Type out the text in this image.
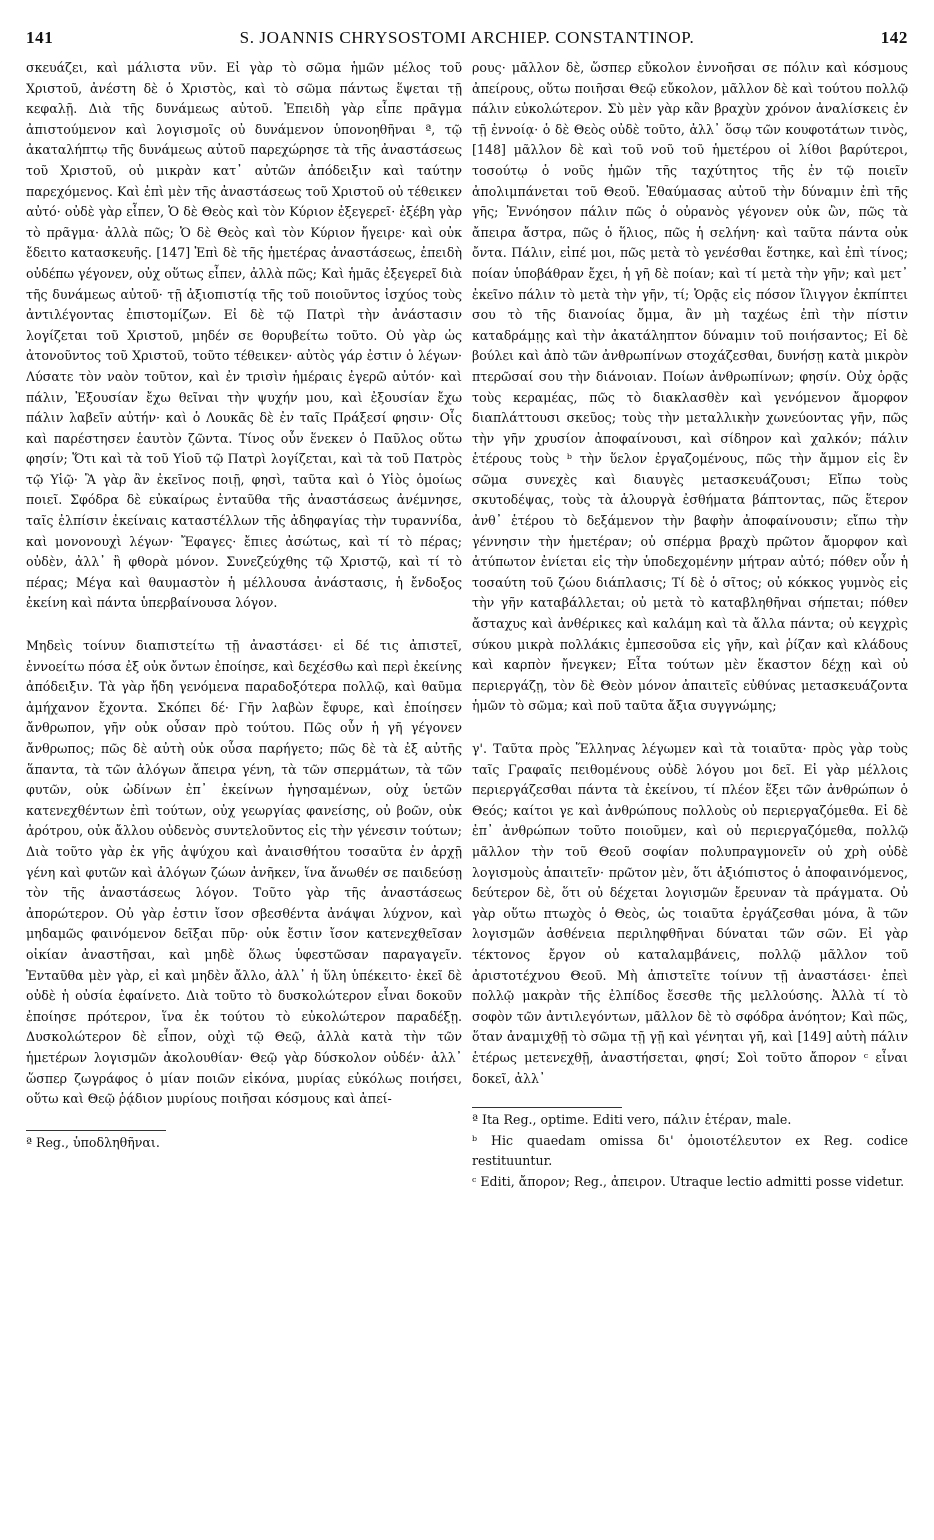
141	S. JOANNIS CHRYSOSTOMI ARCHIEP. CONSTANTINOP.	142

σκευάζει, καὶ μάλιστα νῦν. Εἰ γὰρ τὸ σῶμα ἡμῶν μέλος τοῦ Χριστοῦ, ἀνέστη δὲ ὁ Χριστὸς, καὶ τὸ σῶμα πάντως ἕψεται τῇ κεφαλῇ. Διὰ τῆς δυνάμεως αὐτοῦ. Ἐπειδὴ γὰρ εἶπε πρᾶγμα ἀπιστούμενον καὶ λογισμοῖς οὐ δυνάμενον ὑπονοηθῆναι ª, τῷ ἀκαταλήπτῳ τῆς δυνάμεως αὐτοῦ παρεχώρησε τὰ τῆς ἀναστάσεως τοῦ Χριστοῦ, οὐ μικρὰν κατ᾽ αὐτῶν ἀπόδειξιν καὶ ταύτην παρεχόμενος. Καὶ ἐπὶ μὲν τῆς ἀναστάσεως τοῦ Χριστοῦ οὐ τέθεικεν αὐτό· οὐδὲ γὰρ εἶπεν, Ὁ δὲ Θεὸς καὶ τὸν Κύριον ἐξεγερεῖ· ἐξέβη γὰρ τὸ πρᾶγμα· ἀλλὰ πῶς; Ὁ δὲ Θεὸς καὶ τὸν Κύριον ἤγειρε· καὶ οὐκ ἔδειτο κατασκευῆς. [147] Ἐπὶ δὲ τῆς ἡμετέρας ἀναστάσεως, ἐπειδὴ οὐδέπω γέγονεν, οὐχ οὕτως εἶπεν, ἀλλὰ πῶς; Καὶ ἡμᾶς ἐξεγερεῖ διὰ τῆς δυνάμεως αὐτοῦ· τῇ ἀξιοπιστίᾳ τῆς τοῦ ποιοῦντος ἰσχύος τοὺς ἀντιλέγοντας ἐπιστομίζων. Εἰ δὲ τῷ Πατρὶ τὴν ἀνάστασιν λογίζεται τοῦ Χριστοῦ, μηδέν σε θορυβείτω τοῦτο. Οὐ γὰρ ὡς ἀτονοῦντος τοῦ Χριστοῦ, τοῦτο τέθεικεν· αὐτὸς γάρ ἐστιν ὁ λέγων· Λύσατε τὸν ναὸν τοῦτον, καὶ ἐν τρισὶν ἡμέραις ἐγερῶ αὐτόν· καὶ πάλιν, Ἐξουσίαν ἔχω θεῖναι τὴν ψυχήν μου, καὶ ἐξουσίαν ἔχω πάλιν λαβεῖν αὐτήν· καὶ ὁ Λουκᾶς δὲ ἐν ταῖς Πράξεσί φησιν· Οἷς καὶ παρέστησεν ἑαυτὸν ζῶντα. Τίνος οὖν ἕνεκεν ὁ Παῦλος οὕτω φησίν; Ὅτι καὶ τὰ τοῦ Υἱοῦ τῷ Πατρὶ λογίζεται, καὶ τὰ τοῦ Πατρὸς τῷ Υἱῷ· Ἃ γὰρ ἂν ἐκεῖνος ποιῇ, φησὶ, ταῦτα καὶ ὁ Υἱὸς ὁμοίως ποιεῖ. Σφόδρα δὲ εὐκαίρως ἐνταῦθα τῆς ἀναστάσεως ἀνέμνησε, ταῖς ἐλπίσιν ἐκείναις καταστέλλων τῆς ἀδηφαγίας τὴν τυραννίδα, καὶ μονονουχὶ λέγων· Ἔφαγες· ἔπιες ἀσώτως, καὶ τί τὸ πέρας; οὐδὲν, ἀλλ᾽ ἢ φθορὰ μόνον. Συνεζεύχθης τῷ Χριστῷ, καὶ τί τὸ πέρας; Μέγα καὶ θαυμαστὸν ἡ μέλλουσα ἀνάστασις, ἡ ἔνδοξος ἐκείνη καὶ πάντα ὑπερβαίνουσα λόγον.

Μηδεὶς τοίνυν διαπιστείτω τῇ ἀναστάσει· εἰ δέ τις ἀπιστεῖ, ἐννοείτω πόσα ἐξ οὐκ ὄντων ἐποίησε, καὶ δεχέσθω καὶ περὶ ἐκείνης ἀπόδειξιν. Τὰ γὰρ ἤδη γενόμενα παραδοξότερα πολλῷ, καὶ θαῦμα ἀμήχανον ἔχοντα. Σκόπει δέ· Γῆν λαβὼν ἔφυρε, καὶ ἐποίησεν ἄνθρωπον, γῆν οὐκ οὖσαν πρὸ τούτου. Πῶς οὖν ἡ γῆ γέγονεν ἄνθρωπος; πῶς δὲ αὐτὴ οὐκ οὖσα παρήγετο; πῶς δὲ τὰ ἐξ αὐτῆς ἅπαντα, τὰ τῶν ἀλόγων ἄπειρα γένη, τὰ τῶν σπερμάτων, τὰ τῶν φυτῶν, οὐκ ὠδίνων ἐπ᾽ ἐκείνων ἡγησαμένων, οὐχ ὑετῶν κατενεχθέντων ἐπὶ τούτων, οὐχ γεωργίας φανείσης, οὐ βοῶν, οὐκ ἀρότρου, οὐκ ἄλλου οὐδενὸς συντελοῦντος εἰς τὴν γένεσιν τούτων; Διὰ τοῦτο γὰρ ἐκ γῆς ἀψύχου καὶ ἀναισθήτου τοσαῦτα ἐν ἀρχῇ γένη καὶ φυτῶν καὶ ἀλόγων ζώων ἀνῆκεν, ἵνα ἄνωθέν σε παιδεύσῃ τὸν τῆς ἀναστάσεως λόγον. Τοῦτο γὰρ τῆς ἀναστάσεως ἀπορώτερον. Οὐ γὰρ ἐστιν ἴσον σβεσθέντα ἀνάψαι λύχνον, καὶ μηδαμῶς φαινόμενον δεῖξαι πῦρ· οὐκ ἔστιν ἴσον κατενεχθεῖσαν οἰκίαν ἀναστῆσαι, καὶ μηδὲ ὅλως ὑφεστῶσαν παραγαγεῖν. Ἐνταῦθα μὲν γὰρ, εἰ καὶ μηδὲν ἄλλο, ἀλλ᾽ ἡ ὕλη ὑπέκειτο· ἐκεῖ δὲ οὐδὲ ἡ οὐσία ἐφαίνετο. Διὰ τοῦτο τὸ δυσκολώτερον εἶναι δοκοῦν ἐποίησε πρότερον, ἵνα ἐκ τούτου τὸ εὐκολώτερον παραδέξῃ. Δυσκολώτερον δὲ εἶπον, οὐχὶ τῷ Θεῷ, ἀλλὰ κατὰ τὴν τῶν ἡμετέρων λογισμῶν ἀκολουθίαν· Θεῷ γὰρ δύσκολον οὐδέν· ἀλλ᾽ ὥσπερ ζωγράφος ὁ μίαν ποιῶν εἰκόνα, μυρίας εὐκόλως ποιήσει, οὕτω καὶ Θεῷ ῥᾴδιον μυρίους ποιῆσαι κόσμους καὶ ἀπεί-

ª Reg., ὑποδληθῆναι.

ρους· μᾶλλον δὲ, ὥσπερ εὔκολον ἐννοῆσαι σε πόλιν καὶ κόσμους ἀπείρους, οὕτω ποιῆσαι Θεῷ εὔκολον, μᾶλλον δὲ καὶ τούτου πολλῷ πάλιν εὐκολώτερον. Σὺ μὲν γὰρ κἂν βραχὺν χρόνον ἀναλίσκεις ἐν τῇ ἐννοίᾳ· ὁ δὲ Θεὸς οὐδὲ τοῦτο, ἀλλ᾽ ὅσῳ τῶν κουφοτάτων τινὸς, [148] μᾶλλον δὲ καὶ τοῦ νοῦ τοῦ ἡμετέρου οἱ λίθοι βαρύτεροι, τοσούτῳ ὁ νοῦς ἡμῶν τῆς ταχύτητος τῆς ἐν τῷ ποιεῖν ἀπολιμπάνεται τοῦ Θεοῦ. Ἐθαύμασας αὐτοῦ τὴν δύναμιν ἐπὶ τῆς γῆς; Ἐννόησον πάλιν πῶς ὁ οὐρανὸς γέγονεν οὐκ ὢν, πῶς τὰ ἄπειρα ἄστρα, πῶς ὁ ἥλιος, πῶς ἡ σελήνη· καὶ ταῦτα πάντα οὐκ ὄντα. Πάλιν, εἰπέ μοι, πῶς μετὰ τὸ γενέσθαι ἕστηκε, καὶ ἐπὶ τίνος; ποίαν ὑποβάθραν ἔχει, ἡ γῆ δὲ ποίαν; καὶ τί μετὰ τὴν γῆν; καὶ μετ᾽ ἐκεῖνο πάλιν τὸ μετὰ τὴν γῆν, τί; Ὁρᾷς εἰς πόσον ἴλιγγον ἐκπίπτει σου τὸ τῆς διανοίας ὄμμα, ἂν μὴ ταχέως ἐπὶ τὴν πίστιν καταδράμῃς καὶ τὴν ἀκατάληπτον δύναμιν τοῦ ποιήσαντος; Εἰ δὲ βούλει καὶ ἀπὸ τῶν ἀνθρωπίνων στοχάζεσθαι, δυνήσῃ κατὰ μικρὸν πτερῶσαί σου τὴν διάνοιαν. Ποίων ἀνθρωπίνων; φησίν. Οὐχ ὁρᾷς τοὺς κεραμέας, πῶς τὸ διακλασθὲν καὶ γενόμενον ἄμορφον διαπλάττουσι σκεῦος; τοὺς τὴν μεταλλικὴν χωνεύοντας γῆν, πῶς τὴν γῆν χρυσίον ἀποφαίνουσι, καὶ σίδηρον καὶ χαλκόν; πάλιν ἑτέρους τοὺς ᵇ τὴν ὕελον ἐργαζομένους, πῶς τὴν ἄμμον εἰς ἓν σῶμα συνεχὲς καὶ διαυγὲς μετασκευάζουσι; Εἴπω τοὺς σκυτοδέψας, τοὺς τὰ ἁλουργὰ ἐσθήματα βάπτοντας, πῶς ἕτερον ἀνθ᾽ ἑτέρου τὸ δεξάμενον τὴν βαφὴν ἀποφαίνουσιν; εἴπω τὴν γέννησιν τὴν ἡμετέραν; οὐ σπέρμα βραχὺ πρῶτον ἄμορφον καὶ ἀτύπωτον ἐνίεται εἰς τὴν ὑποδεχομένην μήτραν αὐτό; πόθεν οὖν ἡ τοσαύτη τοῦ ζώου διάπλασις; Τί δὲ ὁ σῖτος; οὐ κόκκος γυμνὸς εἰς τὴν γῆν καταβάλλεται; οὐ μετὰ τὸ καταβληθῆναι σήπεται; πόθεν ἄσταχυς καὶ ἀνθέρικες καὶ καλάμη καὶ τὰ ἄλλα πάντα; οὐ κεγχρὶς σύκου μικρὰ πολλάκις ἐμπεσοῦσα εἰς γῆν, καὶ ῥίζαν καὶ κλάδους καὶ καρπὸν ἤνεγκεν; Εἶτα τούτων μὲν ἕκαστον δέχῃ καὶ οὐ περιεργάζῃ, τὸν δὲ Θεὸν μόνον ἀπαιτεῖς εὐθύνας μετασκευάζοντα ἡμῶν τὸ σῶμα; καὶ ποῦ ταῦτα ἄξια συγγνώμης;

γ'. Ταῦτα πρὸς Ἕλληνας λέγωμεν καὶ τὰ τοιαῦτα· πρὸς γὰρ τοὺς ταῖς Γραφαῖς πειθομένους οὐδὲ λόγου μοι δεῖ. Εἰ γὰρ μέλλοις περιεργάζεσθαι πάντα τὰ ἐκείνου, τί πλέον ἕξει τῶν ἀνθρώπων ὁ Θεός; καίτοι γε καὶ ἀνθρώπους πολλοὺς οὐ περιεργαζόμεθα. Εἰ δὲ ἐπ᾽ ἀνθρώπων τοῦτο ποιοῦμεν, καὶ οὐ περιεργαζόμεθα, πολλῷ μᾶλλον τὴν τοῦ Θεοῦ σοφίαν πολυπραγμονεῖν οὐ χρὴ οὐδὲ λογισμοὺς ἀπαιτεῖν· πρῶτον μὲν, ὅτι ἀξιόπιστος ὁ ἀποφαινόμενος, δεύτερον δὲ, ὅτι οὐ δέχεται λογισμῶν ἔρευναν τὰ πράγματα. Οὐ γὰρ οὕτω πτωχὸς ὁ Θεὸς, ὡς τοιαῦτα ἐργάζεσθαι μόνα, ἃ τῶν λογισμῶν ἀσθένεια περιληφθῆναι δύναται τῶν σῶν. Εἰ γὰρ τέκτονος ἔργον οὐ καταλαμβάνεις, πολλῷ μᾶλλον τοῦ ἀριστοτέχνου Θεοῦ. Μὴ ἀπιστεῖτε τοίνυν τῇ ἀναστάσει· ἐπεὶ πολλῷ μακρὰν τῆς ἐλπίδος ἔσεσθε τῆς μελλούσης. Ἀλλὰ τί τὸ σοφὸν τῶν ἀντιλεγόντων, μᾶλλον δὲ τὸ σφόδρα ἀνόητον; Καὶ πῶς, ὅταν ἀναμιχθῇ τὸ σῶμα τῇ γῇ καὶ γένηται γῆ, καὶ [149] αὐτὴ πάλιν ἑτέρως μετενεχθῇ, ἀναστήσεται, φησί; Σοὶ τοῦτο ἄπορον ᶜ εἶναι δοκεῖ, ἀλλ᾽

ª Ita Reg., optime. Editi vero, πάλιν ἑτέραν, male.

ᵇ Hic quaedam omissa δι' ὁμοιοτέλευτον ex Reg. codice restituuntur.

ᶜ Editi, ἄπορον; Reg., ἀπειρον. Utraque lectio admitti posse videtur.
